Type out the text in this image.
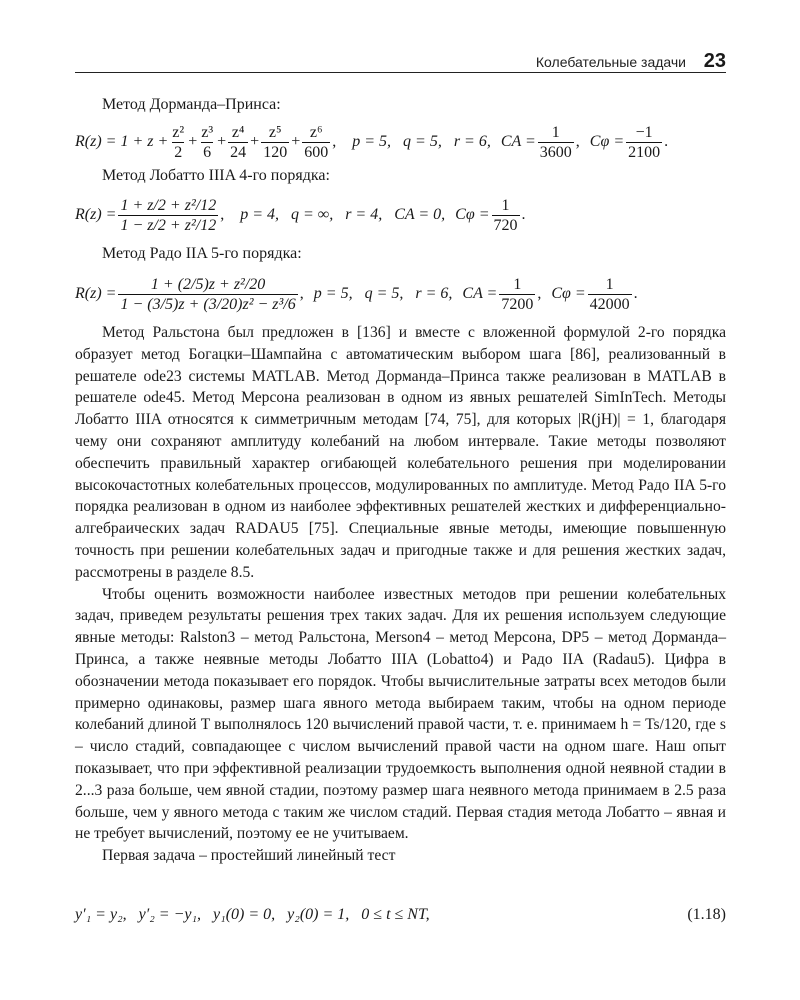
Колебательные задачи 23
Метод Дорманда–Принса:
$R(z) = 1 + z + \frac{\text{z²}}{2} + \frac{\text{z³}}{6} + \frac{\text{z⁴}}{24} + \frac{\text{z⁵}}{120} + \frac{\text{z⁶}}{600}$ , p = 5,   q = 5,   r = 6, CA = $\frac{1}{3600}$ , $C\varphi = \frac{-1}{2100}$ .
Метод Лобатто IIIA 4-го порядка:
$R(z) = \frac{\text{1 + z/2 + z²/12}}{\text{1 − z/2 + z²/12}}$ , p = 4,   q = ∞,   r = 4,   CA = 0, $C\varphi = \frac{1}{720}$ .
Метод Радо IIA 5-го порядка:
$R(z) = \frac{\text{1 + (2/5)z + z²/20}}{\text{1 − (3/5)z + (3/20)z² − z³/6}}$ , p = 5,   q = 5,   r = 6, CA = $\frac{1}{7200}$ , $C\varphi = \frac{1}{42000}$ .

Метод Ральстона был предложен в [136] и вместе с вложенной формулой 2-го порядка образует метод Богацки–Шампайна с автоматическим выбором шага [86], реализованный в решателе ode23 системы MATLAB. Метод Дорманда–Принса также реализован в MATLAB в решателе ode45. Метод Мерсона реализован в одном из явных решателей SimInTech. Методы Лобатто IIIA относятся к симметричным методам [74, 75], для которых |R(jH)| = 1, благодаря чему они сохраняют амплитуду колебаний на любом интервале. Такие методы позволяют обеспечить правильный характер огибающей колебательного решения при моделировании высокочастотных колебательных процессов, модулированных по амплитуде. Метод Радо IIA 5-го порядка реализован в одном из наиболее эффективных решателей жестких и дифференциально-алгебраических задач RADAU5 [75]. Специальные явные методы, имеющие повышенную точность при решении колебательных задач и пригодные также и для решения жестких задач, рассмотрены в разделе 8.5.

Чтобы оценить возможности наиболее известных методов при решении колебательных задач, приведем результаты решения трех таких задач. Для их решения используем следующие явные методы: Ralston3 – метод Ральстона, Merson4 – метод Мерсона, DP5 – метод Дорманда–Принса, а также неявные методы Лобатто IIIA (Lobatto4) и Радо IIA (Radau5). Цифра в обозначении метода показывает его порядок. Чтобы вычислительные затраты всех методов были примерно одинаковы, размер шага явного метода выбираем таким, чтобы на одном периоде колебаний длиной T выполнялось 120 вычислений правой части, т. е. принимаем h = Ts/120, где s – число стадий, совпадающее с числом вычислений правой части на одном шаге. Наш опыт показывает, что при эффективной реализации трудоемкость выполнения одной неявной стадии в 2...3 раза больше, чем явной стадии, поэтому размер шага неявного метода принимаем в 2.5 раза больше, чем у явного метода с таким же числом стадий. Первая стадия метода Лобатто – явная и не требует вычислений, поэтому ее не учитываем.

Первая задача – простейший линейный тест

y′₁ = y₂,   y′₂ = −y₁,   y₁(0) = 0,   y₂(0) = 1,   0 ≤ t ≤ NT,	(1.18)
